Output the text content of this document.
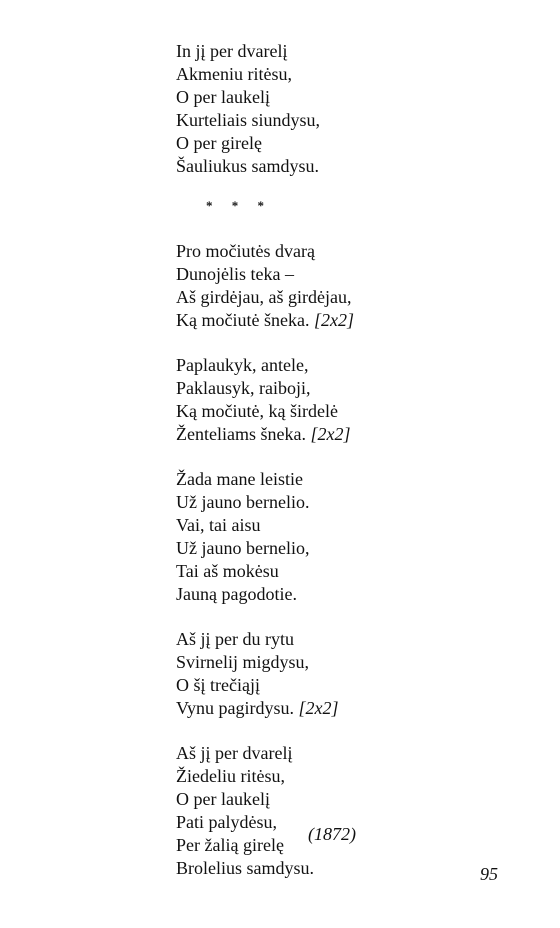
In jį per dvarelį
Akmeniu ritėsu,
O per laukelį
Kurteliais siundysu,
O per girelę
Šauliukus samdysu.
Pro močiutės dvarą
Dunojėlis teka –
Aš girdėjau, aš girdėjau,
Ką močiutė šneka. [2x2]
Paplaukyk, antele,
Paklausyk, raiboji,
Ką močiutė, ką širdelė
Ženteliams šneka. [2x2]
Žada mane leistie
Už jauno bernelio.
Vai, tai aisu
Už jauno bernelio,
Tai aš mokėsu
Jauną pagodotie.
Aš jį per du rytu
Svirnelij migdysu,
O šį trečiąjį
Vynu pagirdysu. [2x2]
Aš jį per dvarelį
Žiedeliu ritėsu,
O per laukelį
Pati palydėsu,
Per žalią girelę
Brolelius samdysu.
* * *
(1872)
95
